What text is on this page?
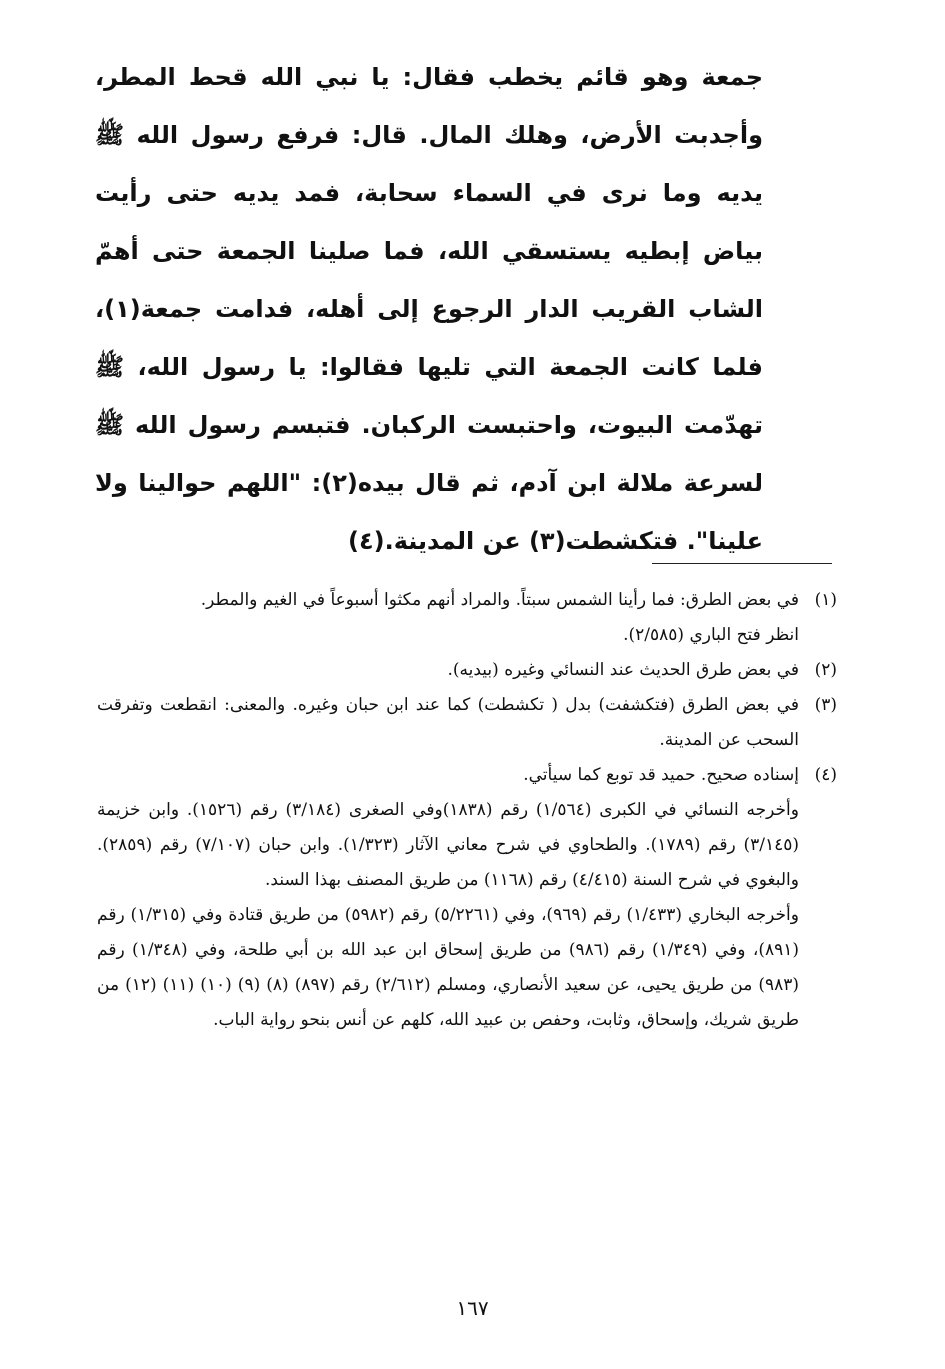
جمعة وهو قائم يخطب فقال: يا نبي الله قحط المطر، وأجدبت الأرض، وهلك المال. قال: فرفع رسول الله ﷺ يديه وما نرى في السماء سحابة، فمد يديه حتى رأيت بياض إبطيه يستسقي الله، فما صلينا الجمعة حتى أهمّ الشاب القريب الدار الرجوع إلى أهله، فدامت جمعة(١)، فلما كانت الجمعة التي تليها فقالوا: يا رسول الله، ﷺ تهدّمت البيوت، واحتبست الركبان. فتبسم رسول الله ﷺ لسرعة ملالة ابن آدم، ثم قال بيده(٢): "اللهم حوالينا ولا علينا". فتكشطت(٣) عن المدينة.(٤)

(١)

في بعض الطرق: فما رأينا الشمس سبتاً. والمراد أنهم مكثوا أسبوعاً في الغيم والمطر.

انظر فتح الباري (٢/٥٨٥).

(٢)

في بعض طرق الحديث عند النسائي وغيره (بيديه).

(٣)

في بعض الطرق (فتكشفت) بدل ( تكشطت) كما عند ابن حبان وغيره. والمعنى: انقطعت وتفرقت السحب عن المدينة.

(٤)

إسناده صحيح. حميد قد توبع كما سيأتي.

وأخرجه النسائي في الكبرى (١/٥٦٤) رقم (١٨٣٨)وفي الصغرى (٣/١٨٤) رقم (١٥٢٦). وابن خزيمة (٣/١٤٥) رقم (١٧٨٩). والطحاوي في شرح معاني الآثار (١/٣٢٣). وابن حبان (٧/١٠٧) رقم (٢٨٥٩). والبغوي في شرح السنة (٤/٤١٥) رقم (١١٦٨) من طريق المصنف بهذا السند.

وأخرجه البخاري (١/٤٣٣) رقم (٩٦٩)، وفي (٥/٢٢٦١) رقم (٥٩٨٢) من طريق قتادة وفي (١/٣١٥) رقم (٨٩١)، وفي (١/٣٤٩) رقم (٩٨٦) من طريق إسحاق ابن عبد الله بن أبي طلحة، وفي (١/٣٤٨) رقم (٩٨٣) من طريق يحيى، عن سعيد الأنصاري، ومسلم (٢/٦١٢) رقم (٨٩٧) (٨) (٩) (١٠) (١١) (١٢) من طريق شريك، وإسحاق، وثابت، وحفص بن عبيد الله، كلهم عن أنس بنحو رواية الباب.

١٦٧
